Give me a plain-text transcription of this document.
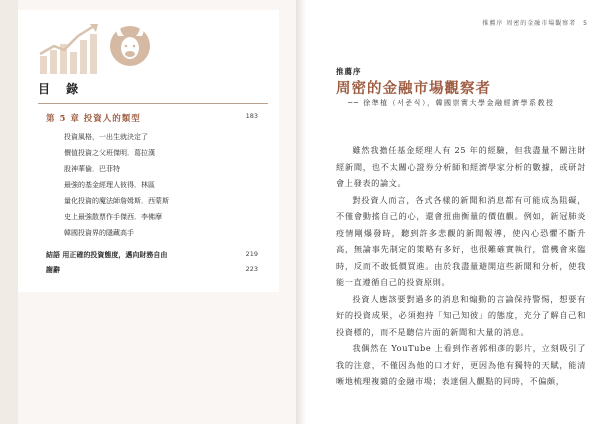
目 錄
第 5 章 投資人的類型	183
投資風格，一出生就決定了
價值投資之父班傑明．葛拉漢
股神華倫．巴菲特
最強的基金經理人彼得．林區
量化投資的魔法師詹姆斯．西蒙斯
史上最強散票作手傑西．李佛摩
韓國投資界的隱藏高手
結語 用正確的投資態度，邁向財務自由	219
謝辭	223
推薦序 周密的金融市場觀察者 5
推薦序
周密的金融市場觀察者
── 徐準植（서준식），韓國崇實大學金融經濟學系教授

雖然我擔任基金經理人有 25 年的經驗，但我盡量不關注財經新聞，也不太關心證券分析師和經濟學家分析的數據，或研討會上發表的論文。

對投資人而言，各式各樣的新聞和消息都有可能成為阻礙，不僅會動搖自己的心，還會扭曲衡量的價值觀。例如，新冠肺炎疫情剛爆發時，聽到許多悲觀的新聞報導，使內心恐懼不斷升高，無論事先制定的策略有多好，也很難確實執行，當機會來臨時，反而不敢低價買進。由於我盡量避開這些新聞和分析，使我能一直遵循自己的投資原則。

投資人應該要對過多的消息和煽動的言論保持警惕，想要有好的投資成果，必須抱持「知己知彼」的態度，充分了解自己和投資標的，而不是聽信片面的新聞和大量的消息。

我偶然在 YouTube 上看到作者郭相彥的影片，立刻吸引了我的注意，不僅因為他的口才好，更因為他有獨特的天賦，能清晰地梳理複雜的金融市場；表達個人觀點的同時，不偏頗，
